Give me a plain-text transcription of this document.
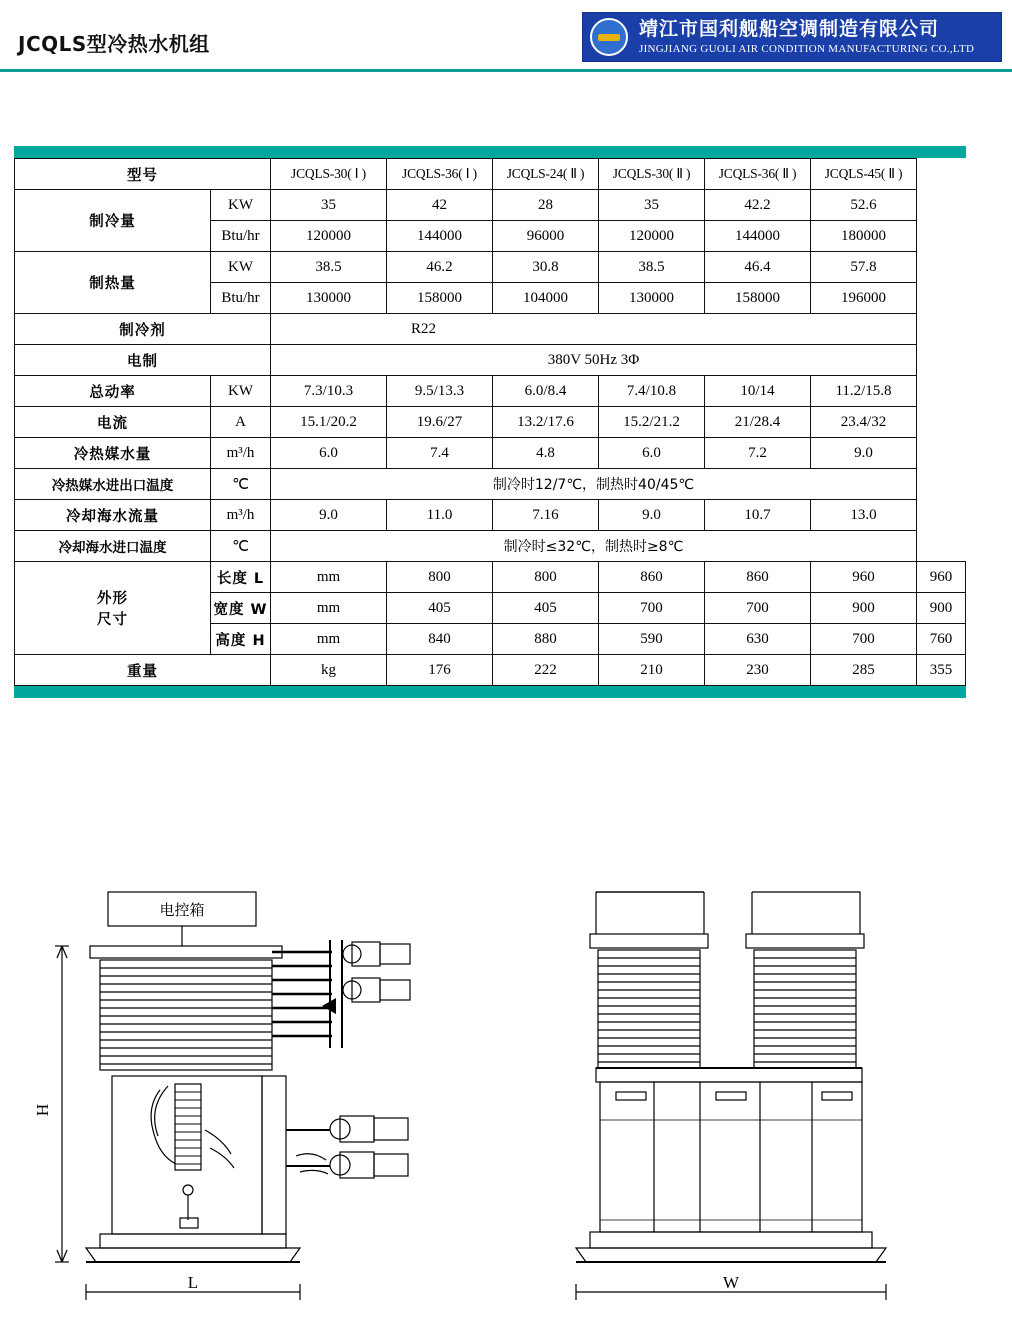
JCQLS型冷热水机组
靖江市国利舰船空调制造有限公司
JINGJIANG GUOLI AIR CONDITION MANUFACTURING CO.,LTD
型号		JCQLS-30( Ⅰ )	JCQLS-36( Ⅰ )	JCQLS-24( Ⅱ )	JCQLS-30( Ⅱ )	JCQLS-36( Ⅱ )	JCQLS-45( Ⅱ )	
制冷量	KW	35	42	28	35	42.2	52.6	
	Btu/hr	120000	144000	96000	120000	144000	180000	
制热量	KW	38.5	46.2	30.8	38.5	46.4	57.8	
	Btu/hr	130000	158000	104000	130000	158000	196000	
制冷剂		R22						
电制		380V 50Hz 3Φ						
总动率	KW	7.3/10.3	9.5/13.3	6.0/8.4	7.4/10.8	10/14	11.2/15.8	
电流	A	15.1/20.2	19.6/27	13.2/17.6	15.2/21.2	21/28.4	23.4/32	
冷热媒水量	m³/h	6.0	7.4	4.8	6.0	7.2	9.0	
冷热媒水进出口温度	℃	制冷时12/7℃，制热时40/45℃						
冷却海水流量	m³/h	9.0	11.0	7.16	9.0	10.7	13.0	
冷却海水进口温度	℃	制冷时≤32℃，制热时≥8℃						

外形
尺寸	长度 L	mm	800	800	860	860	960	960
	宽度 W	mm	405	405	700	700	900	900
	高度 H	mm	840	880	590	630	700	760
重量		kg	176	222	210	230	285	355
电控箱
H
L	W
